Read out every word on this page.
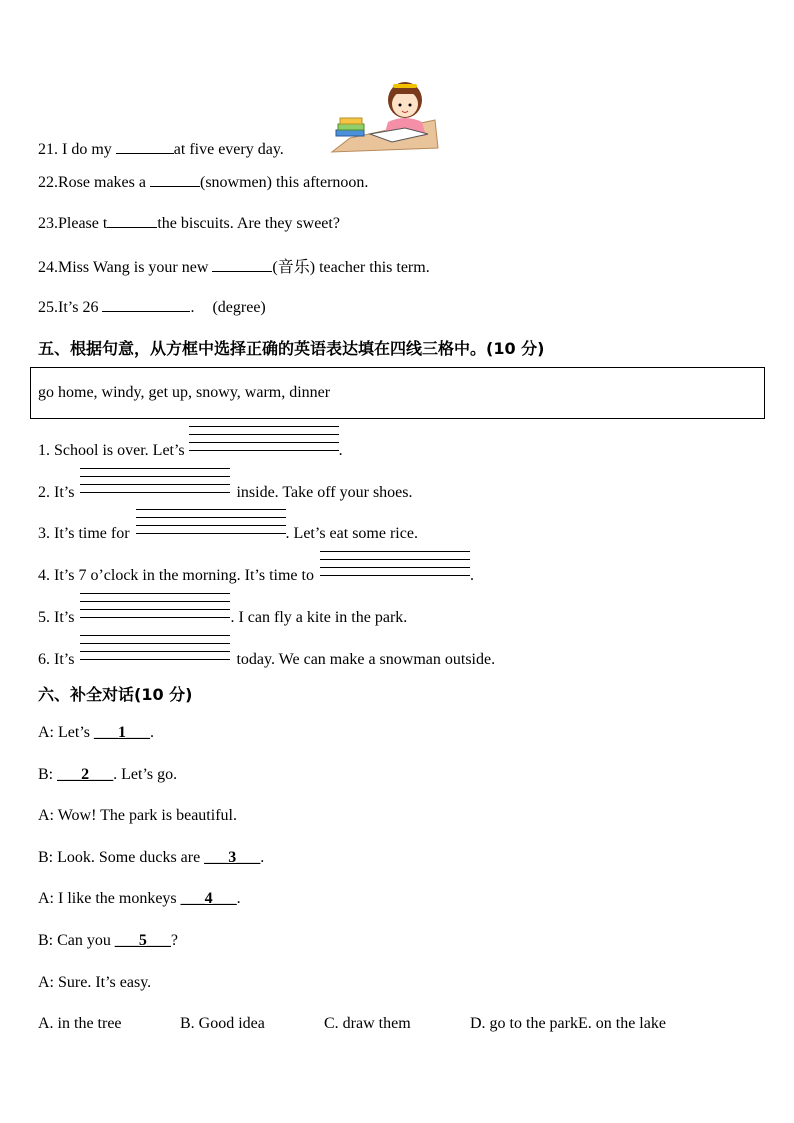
21. I do my	at five every day.
22.Rose makes a	(snowmen) this afternoon.
23.Please t	the biscuits. Are they sweet?
24.Miss Wang is your new	(音乐) teacher this term.
25.It’s 26	. (degree)
五、根据句意，从方框中选择正确的英语表达填在四线三格中。(10 分)
go home, windy, get up, snowy, warm, dinner
1. School is over. Let’s	.
2. It’s	inside. Take off your shoes.
3. It’s time for	. Let’s eat some rice.
4. It’s 7 o’clock in the morning. It’s time to	.
5. It’s	. I can fly a kite in the park.
6. It’s	today. We can make a snowman outside.
六、补全对话(10 分)
A: Let’s ___1___.
B: ___2___. Let’s go.
A: Wow! The park is beautiful.
B: Look. Some ducks are ___3___.
A: I like the monkeys ___4___.
B: Can you ___5___?
A: Sure. It’s easy.
A. in the tree	B. Good idea	C. draw them	D. go to the parkE. on the lake
